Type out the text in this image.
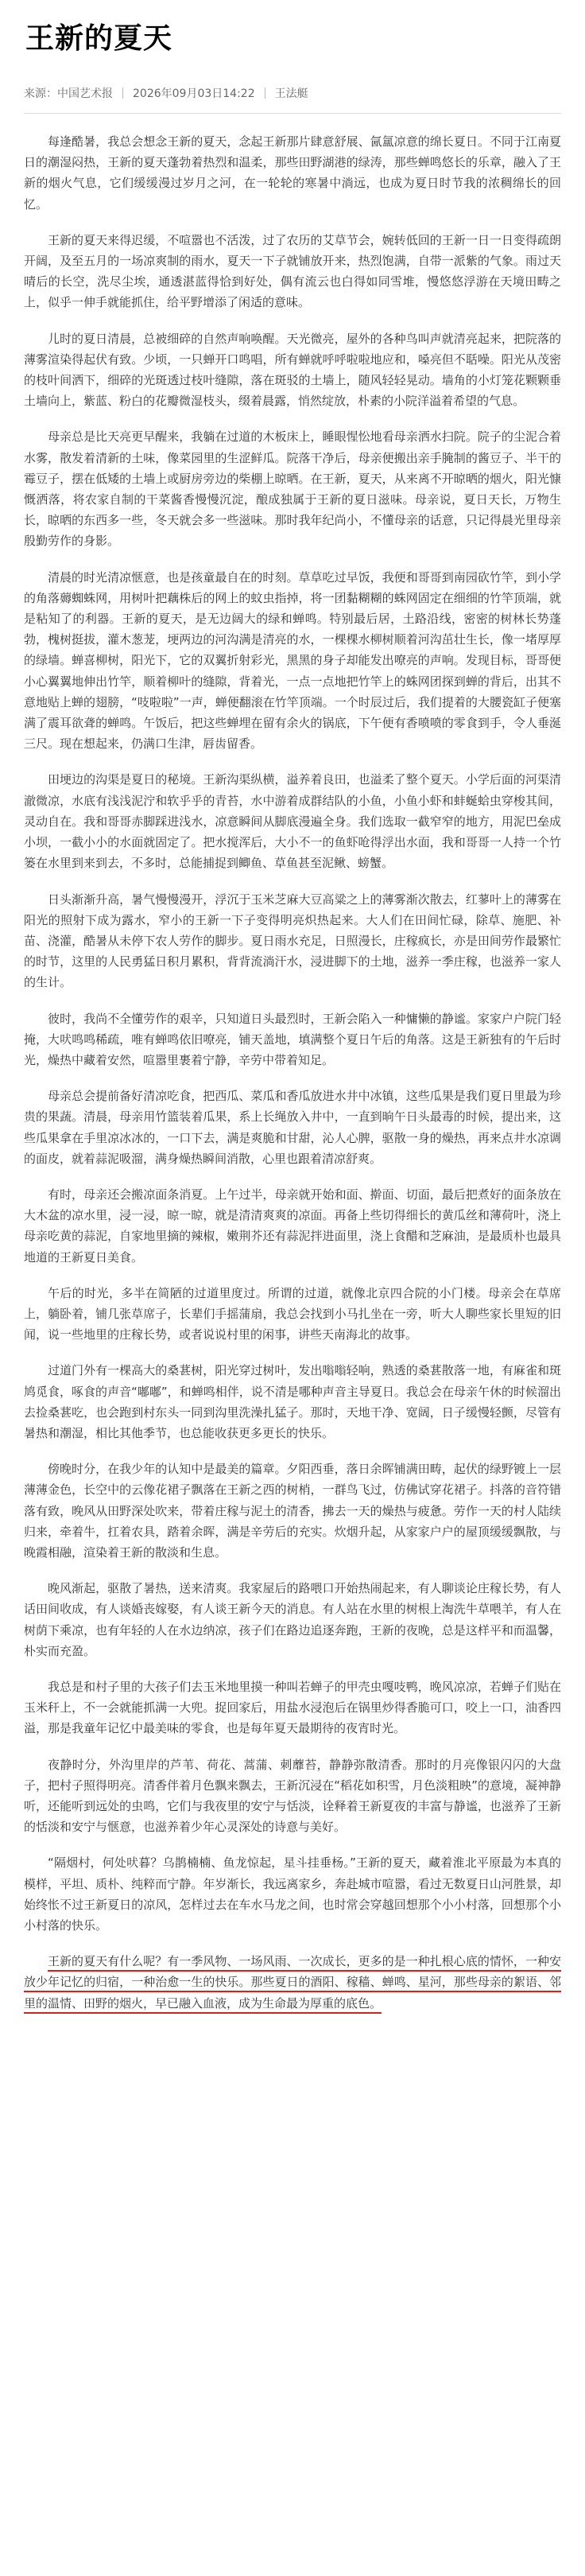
王新的夏天
来源：中国艺术报 2026年09月03日14:22 王法艇

每逢酷暑，我总会想念王新的夏天，念起王新那片肆意舒展、氤氲凉意的绵长夏日。不同于江南夏日的潮湿闷热，王新的夏天蓬勃着热烈和温柔，那些田野湖港的绿涛，那些蝉鸣悠长的乐章，融入了王新的烟火气息，它们缓缓漫过岁月之河，在一轮轮的寒暑中淌远，也成为夏日时节我的浓稠绵长的回忆。

王新的夏天来得迟缓，不喧嚣也不活泼，过了农历的艾草节会，婉转低回的王新一日一日变得疏朗开阔，及至五月的一场凉爽制的雨水，夏天一下子就铺放开来，热烈饱满，自带一派紫的气象。雨过天晴后的长空，洗尽尘埃，通透湛蓝得恰到好处，偶有流云也白得如同雪堆，慢悠悠浮游在天境田畴之上，似乎一伸手就能抓住，给平野增添了闲适的意味。

儿时的夏日清晨，总被细碎的自然声响唤醒。天光微亮，屋外的各种鸟叫声就清亮起来，把院落的薄雾渲染得起伏有致。少顷，一只蝉开口鸣唱，所有蝉就呼呼啦啦地应和，嗓亮但不聒噪。阳光从茂密的枝叶间洒下，细碎的光斑透过枝叶缝隙，落在斑驳的土墙上，随风轻轻晃动。墙角的小灯笼花颗颗垂土墙向上，紫蓝、粉白的花瓣微湿枝头，缀着晨露，悄然绽放，朴素的小院洋溢着希望的气息。

母亲总是比天亮更早醒来，我躺在过道的木板床上，睡眼惺忪地看母亲洒水扫院。院子的尘泥合着水雾，散发着清新的土味，像菜园里的生涩鲜瓜。院落干净后，母亲便搬出亲手腌制的酱豆子、半干的霉豆子，摆在低矮的土墙上或厨房旁边的柴棚上晾晒。在王新，夏天，从来离不开晾晒的烟火，阳光慷慨洒落，将农家自制的干菜酱香慢慢沉淀，酿成独属于王新的夏日滋味。母亲说，夏日天长，万物生长，晾晒的东西多一些，冬天就会多一些滋味。那时我年纪尚小，不懂母亲的话意，只记得晨光里母亲殷勤劳作的身影。

清晨的时光清凉惬意，也是孩童最自在的时刻。草草吃过早饭，我便和哥哥到南园砍竹竿，到小学的角落薅蜘蛛网，用树叶把藕株后的网上的蚊虫指掉，将一团黏糊糊的蛛网固定在细细的竹竿顶端，就是粘知了的利器。王新的夏天，是无边阔大的绿和蝉鸣。特别最后居，土路沿线，密密的树林长势蓬勃，槐树挺拔，灌木葱茏，埂两边的河沟满是清亮的水，一棵棵水柳树顺着河沟茁壮生长，像一堵厚厚的绿墙。蝉喜柳树，阳光下，它的双翼折射彩光，黑黑的身子却能发出嘹亮的声响。发现目标，哥哥便小心翼翼地伸出竹竿，顺着柳叶的缝隙，背着光，一点一点地把竹竿上的蛛网团探到蝉的背后，出其不意地贴上蝉的翅膀，“吱啦啦”一声，蝉便翻滚在竹竿顶端。一个时辰过后，我们提着的大腰瓷缸子便塞满了震耳欲聋的蝉鸣。午饭后，把这些蝉埋在留有余火的锅底，下午便有香喷喷的零食到手，令人垂涎三尺。现在想起来，仍满口生津，唇齿留香。

田埂边的沟渠是夏日的秘境。王新沟渠纵横，溢养着良田，也溢柔了整个夏天。小学后面的河渠清澈微凉，水底有浅浅泥泞和软乎乎的青苔，水中游着成群结队的小鱼，小鱼小虾和蚌蜒蛤虫穿梭其间，灵动自在。我和哥哥赤脚踩进浅水，凉意瞬间从脚底漫遍全身。我们选取一截窄窄的地方，用泥巴垒成小坝，一截小小的水面就固定了。把水搅浑后，大小不一的鱼虾呛得浮出水面，我和哥哥一人持一个竹篓在水里到来到去，不多时，总能捕捉到鲫鱼、草鱼甚至泥鳅、螃蟹。

日头渐渐升高，暑气慢慢漫开，浮沉于玉米芝麻大豆高粱之上的薄雾渐次散去，红蓼叶上的薄雾在阳光的照射下成为露水，窄小的王新一下子变得明亮炽热起来。大人们在田间忙碌，除草、施肥、补苗、浇灌，酷暑从未停下农人劳作的脚步。夏日雨水充足，日照漫长，庄稼疯长，亦是田间劳作最繁忙的时节，这里的人民勇猛日积月累积，背背流淌汗水，浸进脚下的土地，滋养一季庄稼，也滋养一家人的生计。

彼时，我尚不全懂劳作的艰辛，只知道日头最烈时，王新会陷入一种慵懒的静谧。家家户户院门轻掩，大吠鸣鸣稀疏，唯有蝉鸣依旧嘹亮，铺天盖地，填满整个夏日午后的角落。这是王新独有的午后时光，燥热中藏着安然，喧嚣里裹着宁静，辛劳中带着知足。

母亲总会提前备好清凉吃食，把西瓜、菜瓜和香瓜放进水井中冰镇，这些瓜果是我们夏日里最为珍贵的果蔬。清晨，母亲用竹篮装着瓜果，系上长绳放入井中，一直到晌午日头最毒的时候，提出来，这些瓜果拿在手里凉冰冰的，一口下去，满是爽脆和甘甜，沁人心脾，驱散一身的燥热，再来点井水凉调的面皮，就着蒜泥吸溜，满身燥热瞬间消散，心里也跟着清凉舒爽。

有时，母亲还会搬凉面条消夏。上午过半，母亲就开始和面、擀面、切面，最后把煮好的面条放在大木盆的凉水里，浸一浸，晾一晾，就是清清爽爽的凉面。再备上些切得细长的黄瓜丝和薄荷叶，浇上母亲吃黄的蒜泥，自家地里摘的辣椒，嫩荆芥还有蒜泥拌进面里，浇上食醋和芝麻油，是最质朴也最具地道的王新夏日美食。

午后的时光，多半在简陋的过道里度过。所谓的过道，就像北京四合院的小门楼。母亲会在草席上，躺卧着，铺几张草席子，长辈们手摇蒲扇，我总会找到小马扎坐在一旁，听大人聊些家长里短的旧闻，说一些地里的庄稼长势，或者说说村里的闲事，讲些天南海北的故事。

过道门外有一棵高大的桑葚树，阳光穿过树叶，发出嗡嗡轻响，熟透的桑葚散落一地，有麻雀和斑鸠觅食，啄食的声音“嘟嘟”，和蝉鸣相伴，说不清是哪种声音主导夏日。我总会在母亲午休的时候溜出去捡桑葚吃，也会跑到村东头一同到沟里洗澡扎猛子。那时，天地干净、宽阔，日子缓慢轻颤，尽管有暑热和潮湿，相比其他季节，也总能收获更多更长的快乐。

傍晚时分，在我少年的认知中是最美的篇章。夕阳西垂，落日余晖铺满田畴，起伏的绿野镀上一层薄薄金色，长空中的云像花裙子飘落在王新之西的树梢，一群鸟飞过，仿佛试穿花裙子。抖落的音符错落有致，晚风从田野深处吹来，带着庄稼与泥土的清香，拂去一天的燥热与疲惫。劳作一天的村人陆续归来，牵着牛，扛着农具，踏着余晖，满是辛劳后的充实。炊烟升起，从家家户户的屋顶缓缓飘散，与晚霞相融，渲染着王新的散淡和生息。

晚风渐起，驱散了暑热，送来清爽。我家屋后的路喂口开始热闹起来，有人聊谈论庄稼长势，有人话田间收成，有人谈婚丧嫁娶，有人谈王新今天的消息。有人站在水里的树根上淘洗牛草喂羊，有人在树荫下乘凉，也有年轻的人在水边纳凉，孩子们在路边追逐奔跑，王新的夜晚，总是这样平和而温馨，朴实而充盈。

我总是和村子里的大孩子们去玉米地里摸一种叫若蝉子的甲壳虫嘎吱鸭，晚风凉凉，若蝉子们贴在玉米秆上，不一会就能抓满一大兜。捉回家后，用盐水浸泡后在锅里炒得香脆可口，咬上一口，油香四溢，那是我童年记忆中最美味的零食，也是每年夏天最期待的夜宵时光。

夜静时分，外沟里岸的芦苇、荷花、蒿蒲、刺蘼苔，静静弥散清香。那时的月亮像银闪闪的大盘子，把村子照得明亮。清香伴着月色飘来飘去，王新沉浸在“稻花如积雪，月色淡粗映”的意境，凝神静听，还能听到远处的虫鸣，它们与我夜里的安宁与恬淡，诠释着王新夏夜的丰富与静谧，也滋养了王新的恬淡和安宁与惬意，也滋养着少年心灵深处的诗意与美好。

“隔烟村，何处吠暮？乌鹊楠楠、鱼龙惊起，星斗挂垂杨。”王新的夏天，藏着淮北平原最为本真的模样，平坦、质朴、纯粹而宁静。年岁渐长，我远离家乡，奔赴城市喧嚣，看过无数夏日山河胜景，却始终怅不过王新夏日的凉风，怎样过去在车水马龙之间，也时常会穿越回想那个小小村落，回想那个小小村落的快乐。

王新的夏天有什么呢？有一季风物、一场风雨、一次成长，更多的是一种扎根心底的情怀，一种安放少年记忆的归宿，一种治愈一生的快乐。那些夏日的酒阳、稼穑、蝉鸣、星河，那些母亲的絮语、邻里的温情、田野的烟火，早已融入血液，成为生命最为厚重的底色。
